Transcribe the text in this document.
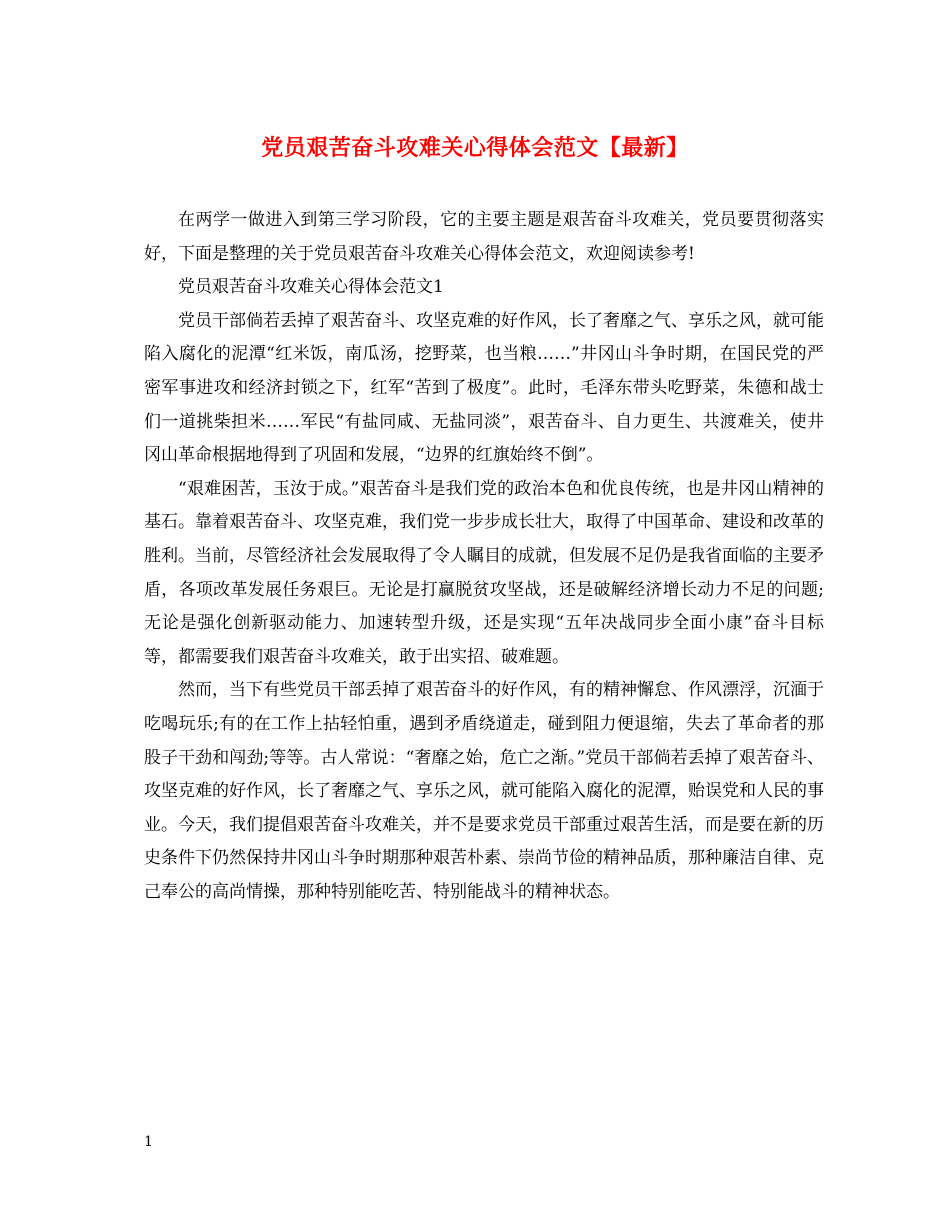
党员艰苦奋斗攻难关心得体会范文【最新】

在两学一做进入到第三学习阶段，它的主要主题是艰苦奋斗攻难关，党员要贯彻落实好，下面是整理的关于党员艰苦奋斗攻难关心得体会范文，欢迎阅读参考!

党员艰苦奋斗攻难关心得体会范文1

党员干部倘若丢掉了艰苦奋斗、攻坚克难的好作风，长了奢靡之气、享乐之风，就可能陷入腐化的泥潭“红米饭，南瓜汤，挖野菜，也当粮……”井冈山斗争时期，在国民党的严密军事进攻和经济封锁之下，红军“苦到了极度”。此时，毛泽东带头吃野菜，朱德和战士们一道挑柴担米……军民“有盐同咸、无盐同淡”，艰苦奋斗、自力更生、共渡难关，使井冈山革命根据地得到了巩固和发展，“边界的红旗始终不倒”。

“艰难困苦，玉汝于成。”艰苦奋斗是我们党的政治本色和优良传统，也是井冈山精神的基石。靠着艰苦奋斗、攻坚克难，我们党一步步成长壮大，取得了中国革命、建设和改革的胜利。当前，尽管经济社会发展取得了令人瞩目的成就，但发展不足仍是我省面临的主要矛盾，各项改革发展任务艰巨。无论是打赢脱贫攻坚战，还是破解经济增长动力不足的问题;无论是强化创新驱动能力、加速转型升级，还是实现“五年决战同步全面小康”奋斗目标等，都需要我们艰苦奋斗攻难关，敢于出实招、破难题。

然而，当下有些党员干部丢掉了艰苦奋斗的好作风，有的精神懈怠、作风漂浮，沉湎于吃喝玩乐;有的在工作上拈轻怕重，遇到矛盾绕道走，碰到阻力便退缩，失去了革命者的那股子干劲和闯劲;等等。古人常说：“奢靡之始，危亡之渐。”党员干部倘若丢掉了艰苦奋斗、攻坚克难的好作风，长了奢靡之气、享乐之风，就可能陷入腐化的泥潭，贻误党和人民的事业。今天，我们提倡艰苦奋斗攻难关，并不是要求党员干部重过艰苦生活，而是要在新的历史条件下仍然保持井冈山斗争时期那种艰苦朴素、崇尚节俭的精神品质，那种廉洁自律、克己奉公的高尚情操，那种特别能吃苦、特别能战斗的精神状态。

1
